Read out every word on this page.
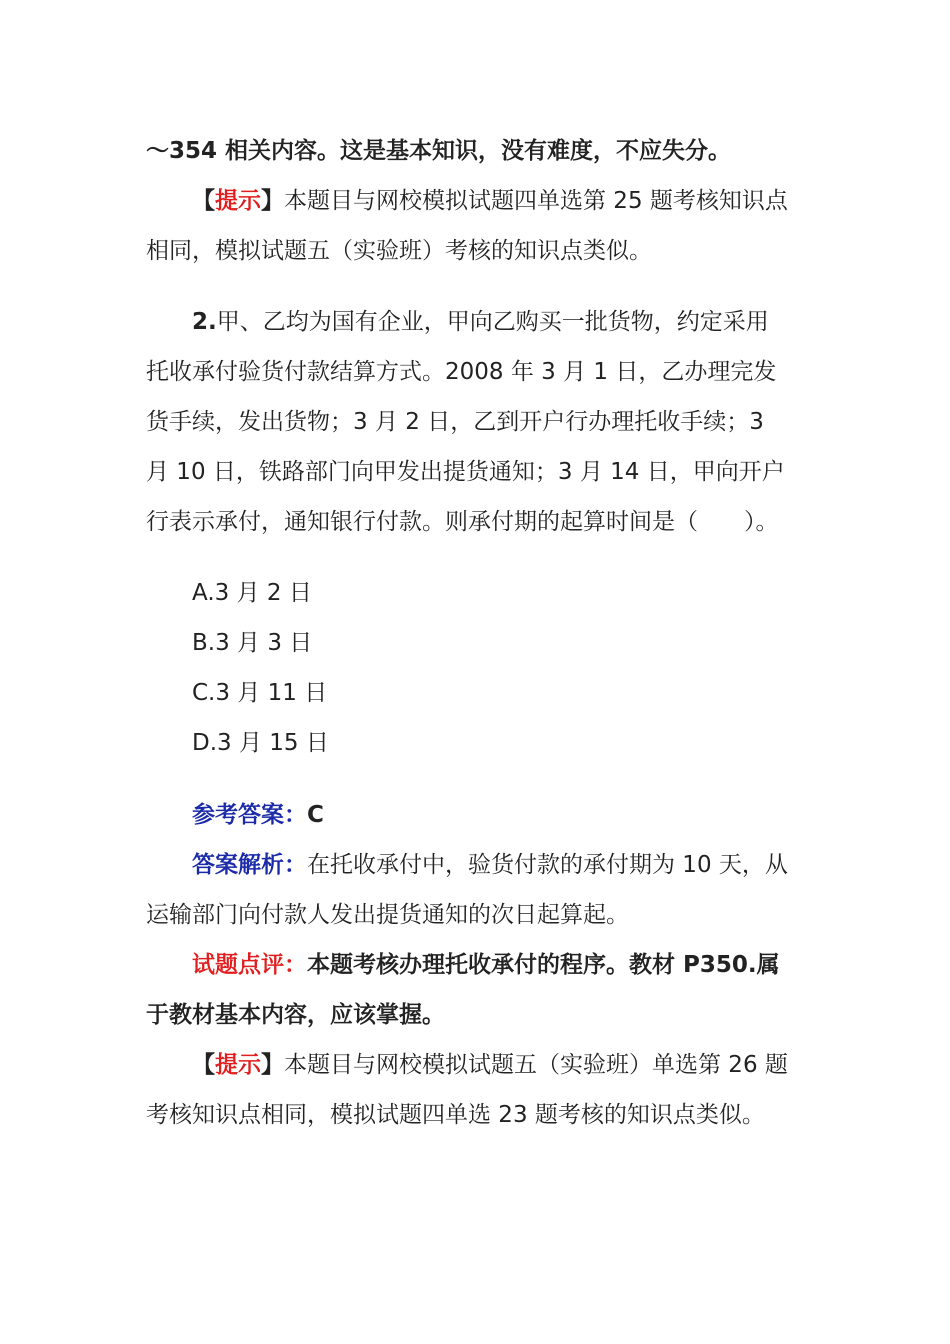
～354 相关内容。这是基本知识，没有难度，不应失分。
【提示】本题目与网校模拟试题四单选第 25 题考核知识点
相同，模拟试题五（实验班）考核的知识点类似。
2.甲、乙均为国有企业，甲向乙购买一批货物，约定采用
托收承付验货付款结算方式。2008 年 3 月 1 日，乙办理完发
货手续，发出货物；3 月 2 日，乙到开户行办理托收手续；3
月 10 日，铁路部门向甲发出提货通知；3 月 14 日，甲向开户
行表示承付，通知银行付款。则承付期的起算时间是（　　）。
A.3 月 2 日
B.3 月 3 日
C.3 月 11 日
D.3 月 15 日
参考答案：C
答案解析：在托收承付中，验货付款的承付期为 10 天，从
运输部门向付款人发出提货通知的次日起算起。
试题点评：本题考核办理托收承付的程序。教材 P350.属
于教材基本内容，应该掌握。
【提示】本题目与网校模拟试题五（实验班）单选第 26 题
考核知识点相同，模拟试题四单选 23 题考核的知识点类似。
